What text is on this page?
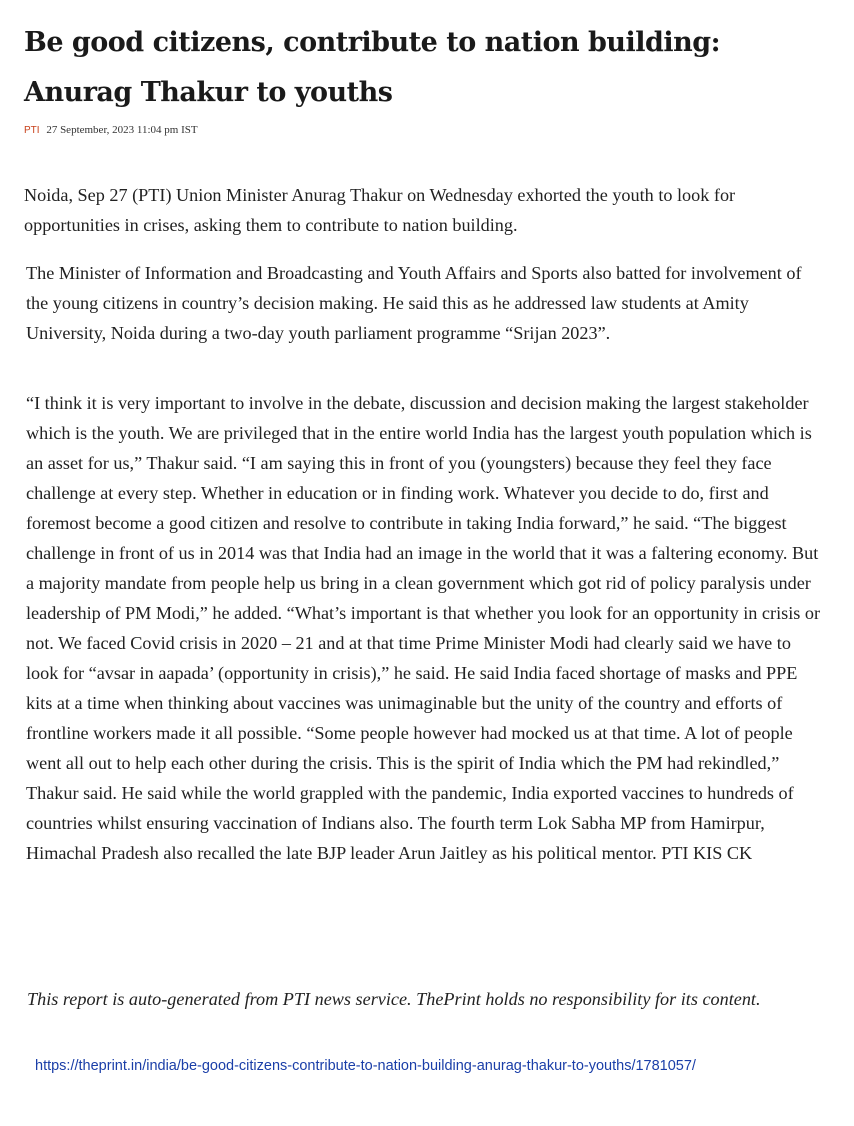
Be good citizens, contribute to nation building: Anurag Thakur to youths
PTI 27 September, 2023 11:04 pm IST

Noida, Sep 27 (PTI) Union Minister Anurag Thakur on Wednesday exhorted the youth to look for opportunities in crises, asking them to contribute to nation building.

The Minister of Information and Broadcasting and Youth Affairs and Sports also batted for involvement of the young citizens in country’s decision making. He said this as he addressed law students at Amity University, Noida during a two-day youth parliament programme “Srijan 2023”.

“I think it is very important to involve in the debate, discussion and decision making the largest stakeholder which is the youth. We are privileged that in the entire world India has the largest youth population which is an asset for us,” Thakur said. “I am saying this in front of you (youngsters) because they feel they face challenge at every step. Whether in education or in finding work. Whatever you decide to do, first and foremost become a good citizen and resolve to contribute in taking India forward,” he said. “The biggest challenge in front of us in 2014 was that India had an image in the world that it was a faltering economy. But a majority mandate from people help us bring in a clean government which got rid of policy paralysis under leadership of PM Modi,” he added. “What’s important is that whether you look for an opportunity in crisis or not. We faced Covid crisis in 2020 – 21 and at that time Prime Minister Modi had clearly said we have to look for “avsar in aapada’ (opportunity in crisis),” he said. He said India faced shortage of masks and PPE kits at a time when thinking about vaccines was unimaginable but the unity of the country and efforts of frontline workers made it all possible. “Some people however had mocked us at that time. A lot of people went all out to help each other during the crisis. This is the spirit of India which the PM had rekindled,” Thakur said. He said while the world grappled with the pandemic, India exported vaccines to hundreds of countries whilst ensuring vaccination of Indians also. The fourth term Lok Sabha MP from Hamirpur, Himachal Pradesh also recalled the late BJP leader Arun Jaitley as his political mentor. PTI KIS CK

This report is auto-generated from PTI news service. ThePrint holds no responsibility for its content.

https://theprint.in/india/be-good-citizens-contribute-to-nation-building-anurag-thakur-to-youths/1781057/
